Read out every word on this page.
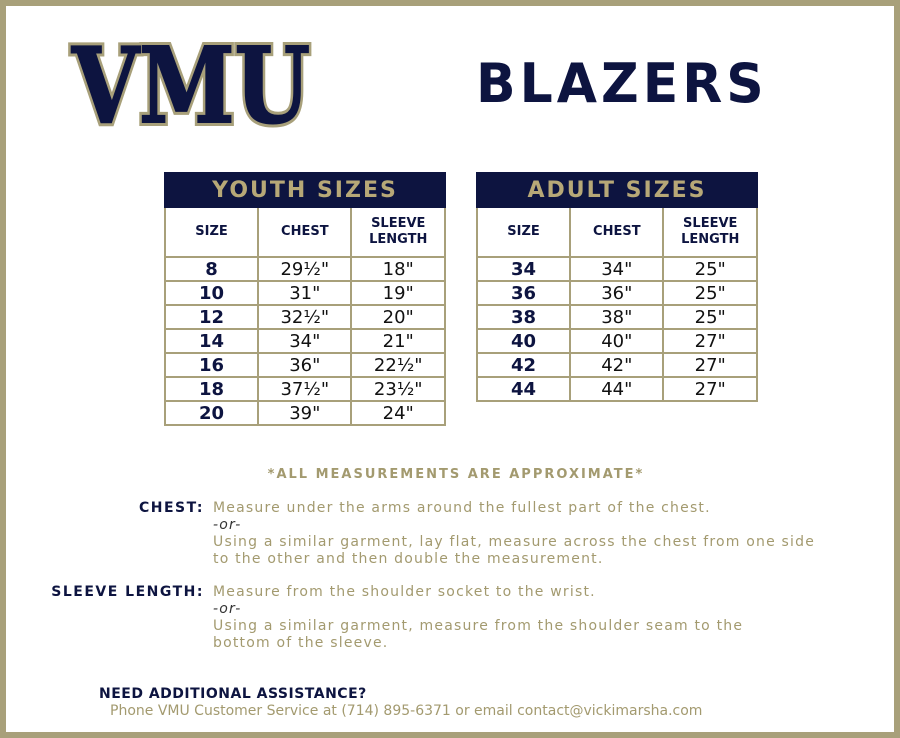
VMU
VMU	BLAZERS
YOUTH SIZES		
SIZE	CHEST	SLEEVE LENGTH
8	29½"	18"
10	31"	19"
12	32½"	20"
14	34"	21"
16	36"	22½"
18	37½"	23½"
20	39"	24"
ADULT SIZES		
SIZE	CHEST	SLEEVE LENGTH
34	34"	25"
36	36"	25"
38	38"	25"
40	40"	27"
42	42"	27"
44	44"	27"
*ALL MEASUREMENTS ARE APPROXIMATE*
CHEST: Measure under the arms around the fullest part of the chest.
-or-
Using a similar garment, lay flat, measure across the chest from one side
to the other and then double the measurement.
SLEEVE LENGTH: Measure from the shoulder socket to the wrist.
-or-
Using a similar garment, measure from the shoulder seam to the
bottom of the sleeve.
NEED ADDITIONAL ASSISTANCE?
Phone VMU Customer Service at (714) 895-6371 or email contact@vickimarsha.com
